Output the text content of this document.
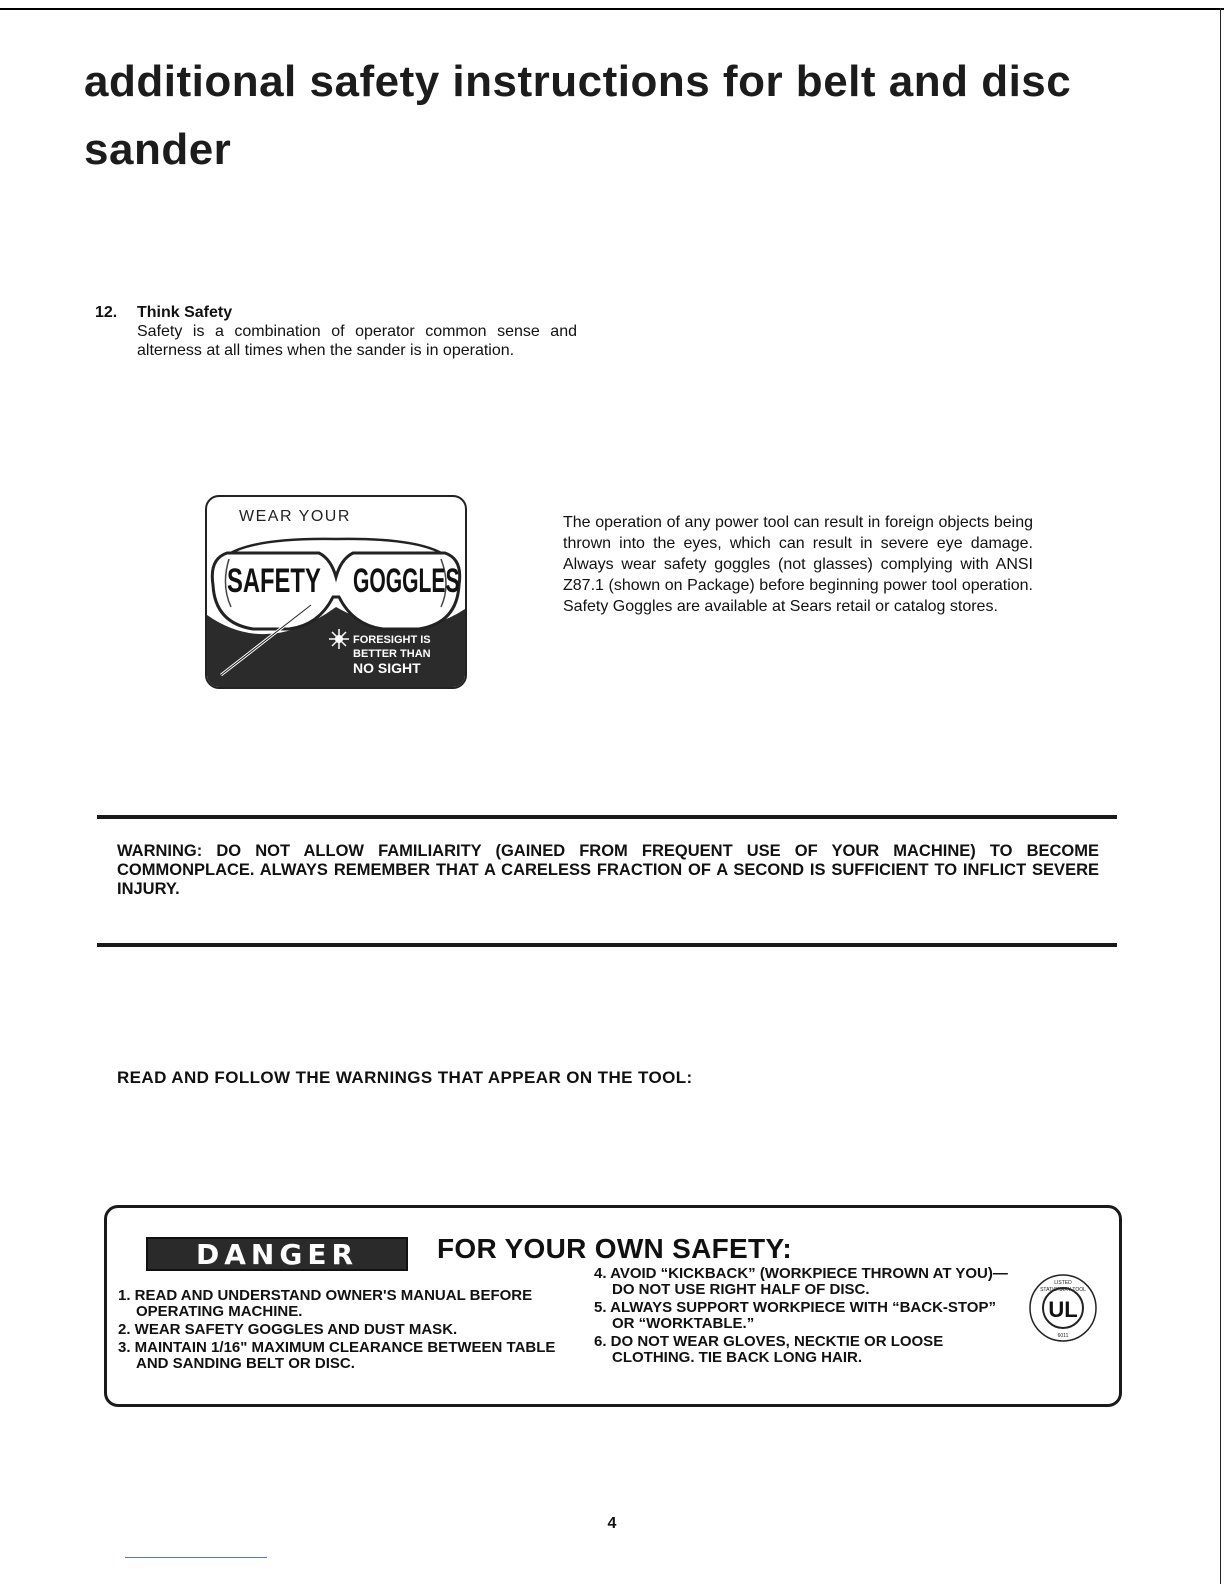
additional safety instructions for belt and disc sander
12. Think Safety
Safety is a combination of operator common sense and alterness at all times when the sander is in operation.
WEAR YOUR
SAFETY GOGGLES
FORESIGHT IS
BETTER THAN
NO SIGHT
The operation of any power tool can result in foreign objects being thrown into the eyes, which can result in severe eye damage. Always wear safety goggles (not glasses) complying with ANSI Z87.1 (shown on Package) before beginning power tool operation. Safety Goggles are available at Sears retail or catalog stores.
WARNING: DO NOT ALLOW FAMILIARITY (GAINED FROM FREQUENT USE OF YOUR MACHINE) TO BECOME COMMONPLACE. ALWAYS REMEMBER THAT A CARELESS FRACTION OF A SECOND IS SUFFICIENT TO INFLICT SEVERE INJURY.
READ AND FOLLOW THE WARNINGS THAT APPEAR ON THE TOOL:
DANGER	FOR YOUR OWN SAFETY:
1. READ AND UNDERSTAND OWNER'S MANUAL BEFORE OPERATING MACHINE.
2. WEAR SAFETY GOGGLES AND DUST MASK.
3. MAINTAIN 1/16" MAXIMUM CLEARANCE BETWEEN TABLE AND SANDING BELT OR DISC.
4. AVOID “KICKBACK” (WORKPIECE THROWN AT YOU)—DO NOT USE RIGHT HALF OF DISC.
5. ALWAYS SUPPORT WORKPIECE WITH “BACK-STOP” OR “WORKTABLE.”
6. DO NOT WEAR GLOVES, NECKTIE OR LOOSE CLOTHING. TIE BACK LONG HAIR.
UL
LISTED
STATIONARY TOOL
6011
4
